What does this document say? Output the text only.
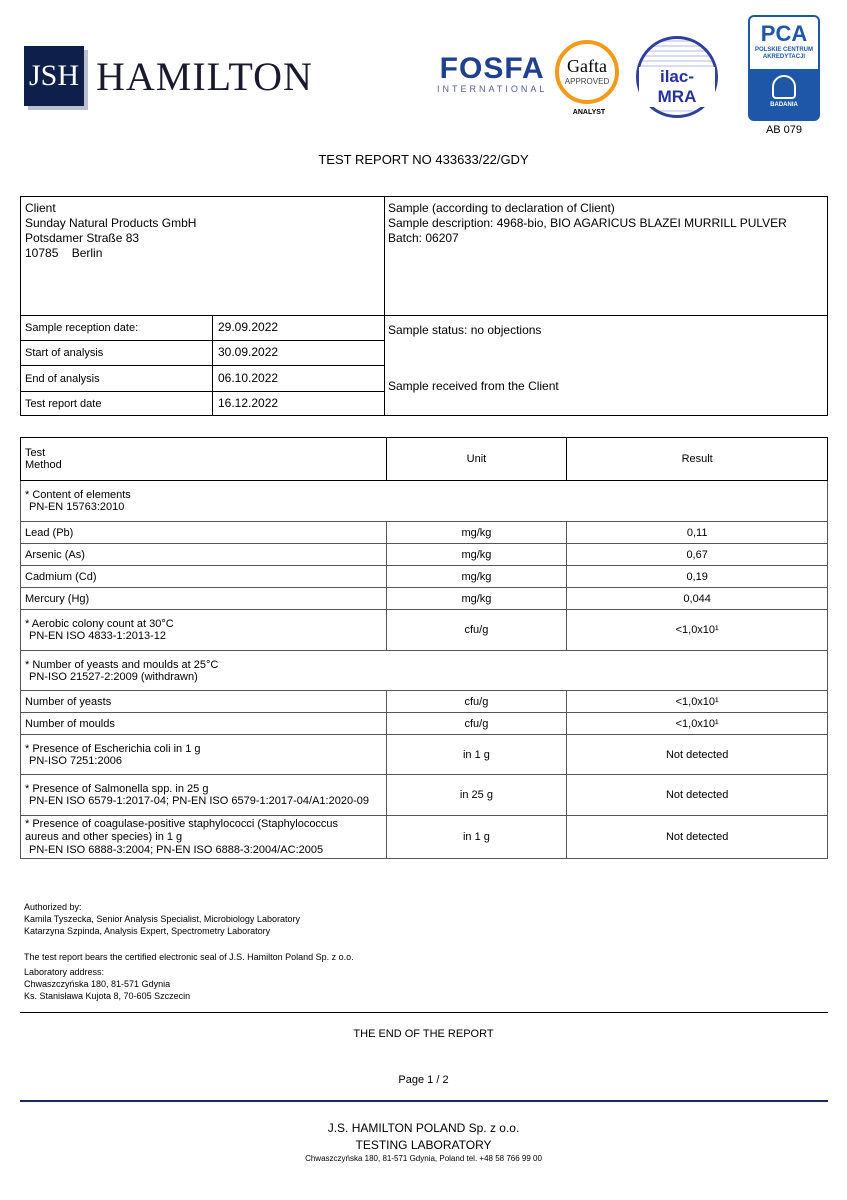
JSH HAMILTON	FOSFA
INTERNATIONAL
Gafta
APPROVED
ANALYST
ilac-MRA
PCA
POLSKIE CENTRUM AKREDYTACJI
BADANIA
AB 079
TEST REPORT NO 433633/22/GDY
Client
Sunday Natural Products GmbH
Potsdamer Straße 83
10785 Berlin
Sample (according to declaration of Client)
Sample description: 4968-bio, BIO AGARICUS BLAZEI MURRILL PULVER
Batch: 06207
Sample reception date:	29.09.2022
Start of analysis	30.09.2022
End of analysis	06.10.2022
Test report date	16.12.2022
Sample status: no objections
Sample received from the Client
Test
Method	Unit	Result

* Content of elements
PN-EN 15763:2010		

Lead (Pb)	mg/kg	0,11
Arsenic (As)	mg/kg	0,67
Cadmium (Cd)	mg/kg	0,19
Mercury (Hg)	mg/kg	0,044

* Aerobic colony count at 30°C
PN-EN ISO 4833-1:2013-12	cfu/g	<1,0x10¹

* Number of yeasts and moulds at 25°C
PN-ISO 21527-2:2009 (withdrawn)		

Number of yeasts	cfu/g	<1,0x10¹
Number of moulds	cfu/g	<1,0x10¹

* Presence of Escherichia coli in 1 g
PN-ISO 7251:2006	in 1 g	Not detected

* Presence of Salmonella spp. in 25 g
PN-EN ISO 6579-1:2017-04; PN-EN ISO 6579-1:2017-04/A1:2020-09	in 25 g	Not detected

* Presence of coagulase-positive staphylococci (Staphylococcus
aureus and other species) in 1 g
PN-EN ISO 6888-3:2004; PN-EN ISO 6888-3:2004/AC:2005	in 1 g	Not detected
Authorized by:
Kamila Tyszecka, Senior Analysis Specialist, Microbiology Laboratory
Katarzyna Szpinda, Analysis Expert, Spectrometry Laboratory
The test report bears the certified electronic seal of J.S. Hamilton Poland Sp. z o.o.
Laboratory address:
Chwaszczyńska 180, 81-571 Gdynia
Ks. Stanisława Kujota 8, 70-605 Szczecin
THE END OF THE REPORT
Page 1 / 2
J.S. HAMILTON POLAND Sp. z o.o.
TESTING LABORATORY
Chwaszczyńska 180, 81-571 Gdynia, Poland tel. +48 58 766 99 00
